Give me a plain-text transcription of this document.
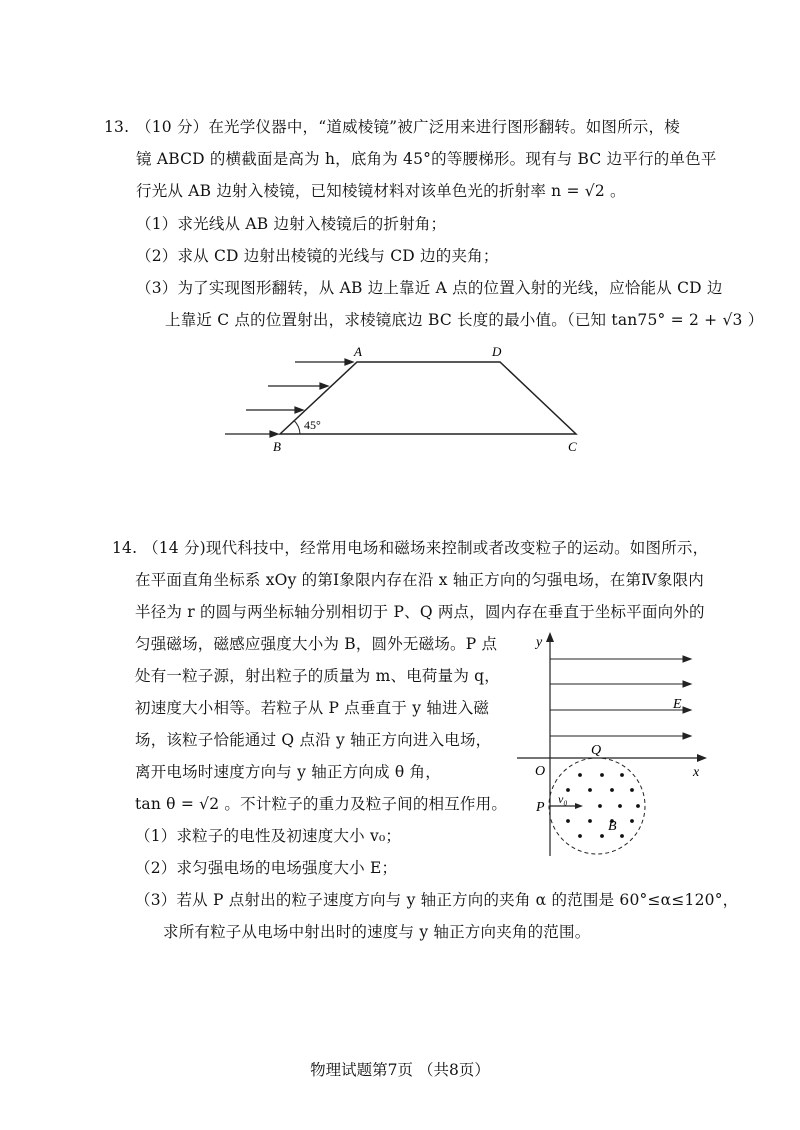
13. （10 分）在光学仪器中，“道威棱镜”被广泛用来进行图形翻转。如图所示，棱
镜 ABCD 的横截面是高为 h，底角为 45°的等腰梯形。现有与 BC 边平行的单色平
行光从 AB 边射入棱镜，已知棱镜材料对该单色光的折射率 n = √2 。
（1）求光线从 AB 边射入棱镜后的折射角；
（2）求从 CD 边射出棱镜的光线与 CD 边的夹角；
（3）为了实现图形翻转，从 AB 边上靠近 A 点的位置入射的光线，应恰能从 CD 边
上靠近 C 点的位置射出，求棱镜底边 BC 长度的最小值。（已知 tan75° = 2 + √3 ）
45°
A	D
B	C
14. （14 分)现代科技中，经常用电场和磁场来控制或者改变粒子的运动。如图所示，
在平面直角坐标系 xOy 的第Ⅰ象限内存在沿 x 轴正方向的匀强电场，在第Ⅳ象限内
半径为 r 的圆与两坐标轴分别相切于 P、Q 两点，圆内存在垂直于坐标平面向外的
匀强磁场，磁感应强度大小为 B，圆外无磁场。P 点
处有一粒子源，射出粒子的质量为 m、电荷量为 q，
初速度大小相等。若粒子从 P 点垂直于 y 轴进入磁
场，该粒子恰能通过 Q 点沿 y 轴正方向进入电场，
离开电场时速度方向与 y 轴正方向成 θ 角，
tan θ = √2 。不计粒子的重力及粒子间的相互作用。
（1）求粒子的电性及初速度大小 v₀；
（2）求匀强电场的电场强度大小 E；
（3）若从 P 点射出的粒子速度方向与 y 轴正方向的夹角 α 的范围是 60°≤α≤120°，
求所有粒子从电场中射出时的速度与 y 轴正方向夹角的范围。
y
x
O
Q
P
E
B
v₀
物理试题第7页 （共8页）
